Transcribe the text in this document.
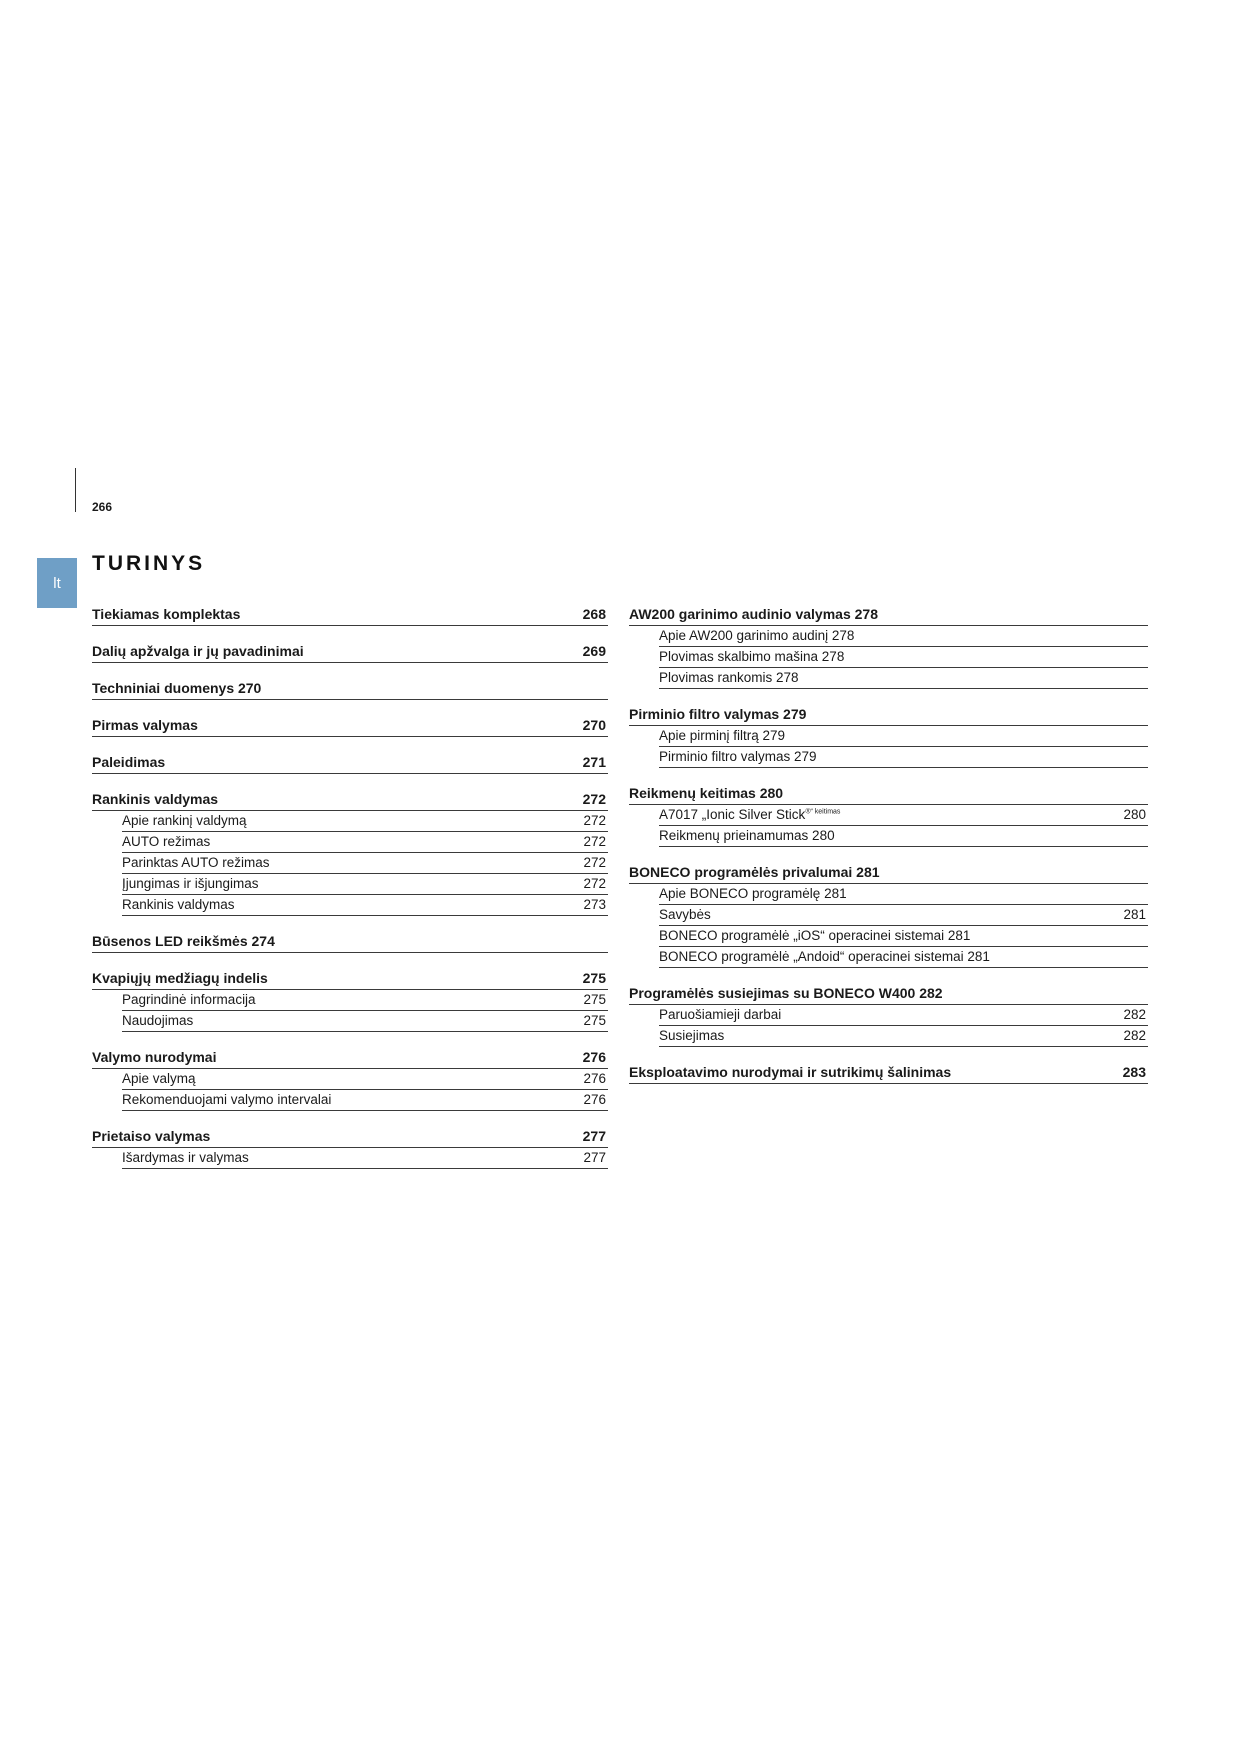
266
lt
TURINYS
Tiekiamas komplektas	268
Dalių apžvalga ir jų pavadinimai	269
Techniniai duomenys 270
Pirmas valymas	270
Paleidimas	271
Rankinis valdymas	272
Apie rankinį valdymą	272
AUTO režimas	272
Parinktas AUTO režimas	272
Įjungimas ir išjungimas	272
Rankinis valdymas	273
Būsenos LED reikšmės 274
Kvapiųjų medžiagų indelis	275
Pagrindinė informacija	275
Naudojimas	275
Valymo nurodymai	276
Apie valymą	276
Rekomenduojami valymo intervalai	276
Prietaiso valymas	277
Išardymas ir valymas	277
AW200 garinimo audinio valymas 278
Apie AW200 garinimo audinį 278
Plovimas skalbimo mašina 278
Plovimas rankomis 278
Pirminio filtro valymas 279
Apie pirminį filtrą 279
Pirminio filtro valymas 279
Reikmenų keitimas 280
A7017 „Ionic Silver Stick$^{®“ keitimas}$	280
Reikmenų prieinamumas 280
BONECO programėlės privalumai 281
Apie BONECO programėlę 281
Savybės	281
BONECO programėlė „iOS“ operacinei sistemai 281
BONECO programėlė „Andoid“ operacinei sistemai 281
Programėlės susiejimas su BONECO W400 282
Paruošiamieji darbai	282
Susiejimas	282
Eksploatavimo nurodymai ir sutrikimų šalinimas	283
